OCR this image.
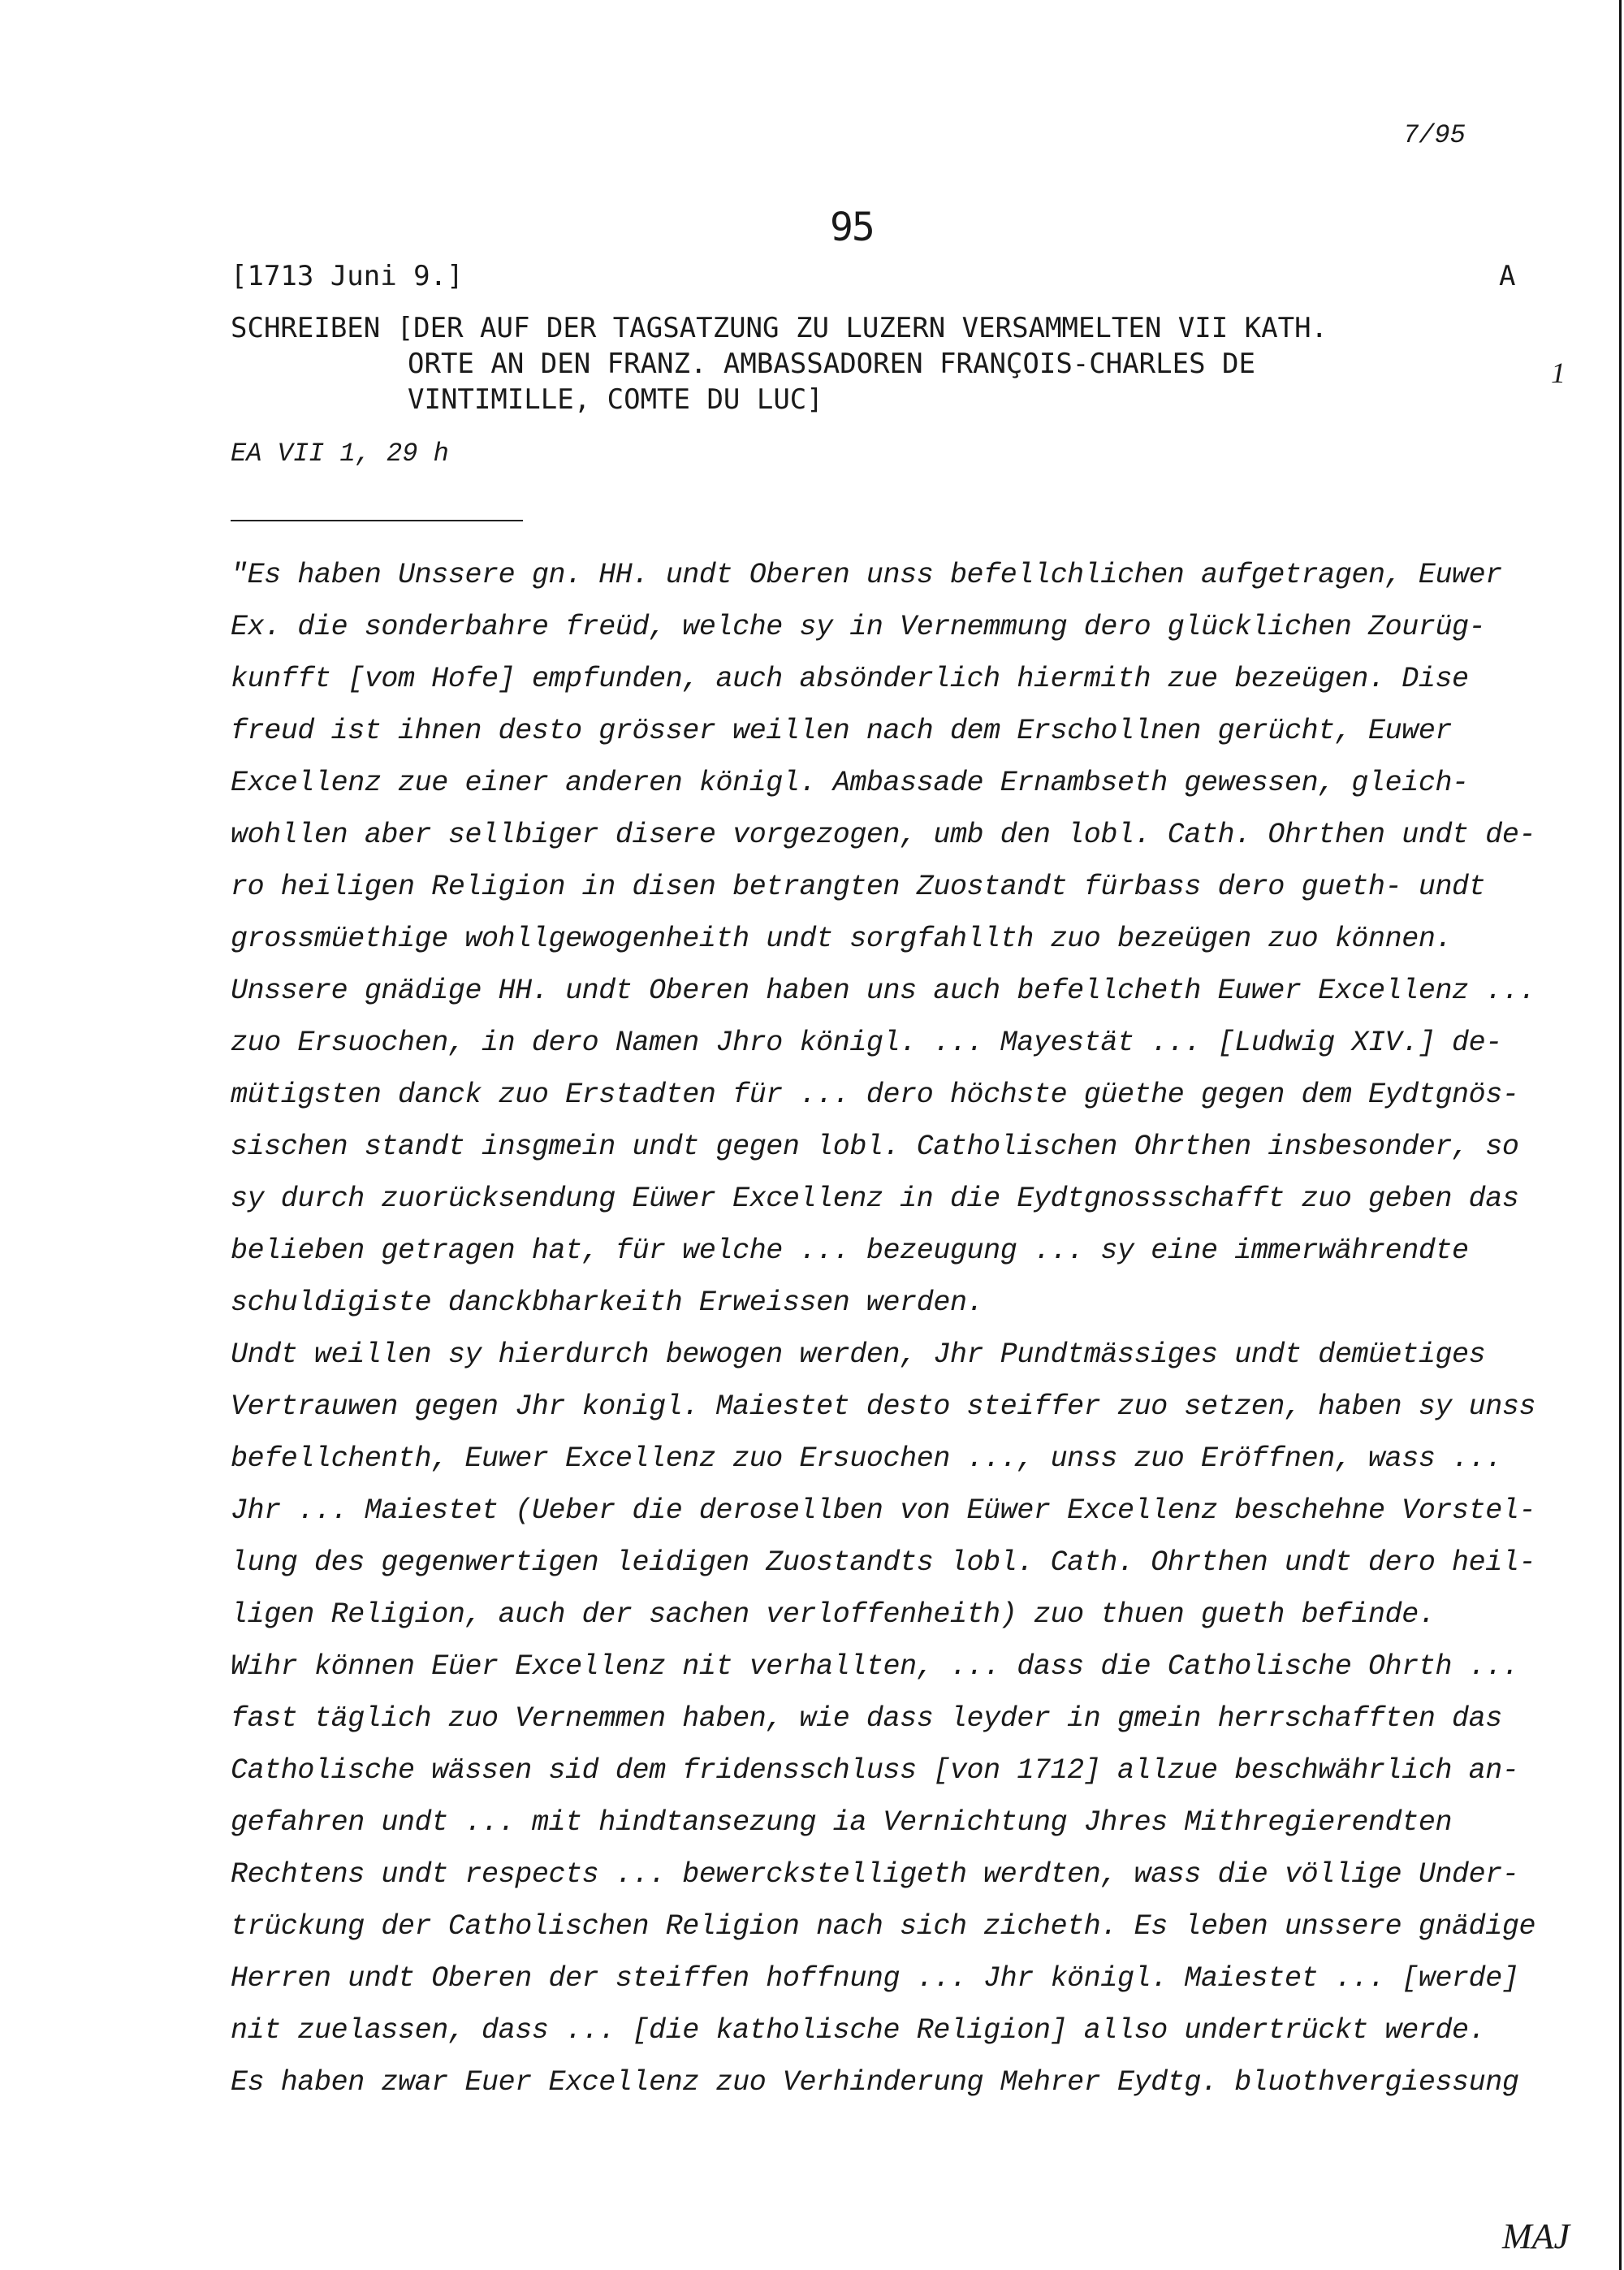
7/95
95
[1713 Juni 9.]	A
SCHREIBEN [DER AUF DER TAGSATZUNG ZU LUZERN VERSAMMELTEN VII KATH.
ORTE AN DEN FRANZ. AMBASSADOREN FRANÇOIS-CHARLES DE
VINTIMILLE, COMTE DU LUC]
1
EA VII 1, 29 h
"Es haben Unssere gn. HH. undt Oberen unss befellchlichen aufgetragen, Euwer
Ex. die sonderbahre freüd, welche sy in Vernemmung dero glücklichen Zourüg-
kunfft [vom Hofe] empfunden, auch absönderlich hiermith zue bezeügen. Dise
freud ist ihnen desto grösser weillen nach dem Erschollnen gerücht, Euwer
Excellenz zue einer anderen königl. Ambassade Ernambseth gewessen, gleich-
wohllen aber sellbiger disere vorgezogen, umb den lobl. Cath. Ohrthen undt de-
ro heiligen Religion in disen betrangten Zuostandt fürbass dero gueth- undt
grossmüethige wohllgewogenheith undt sorgfahllth zuo bezeügen zuo können.
Unssere gnädige HH. undt Oberen haben uns auch befellcheth Euwer Excellenz ...
zuo Ersuochen, in dero Namen Jhro königl. ... Mayestät ... [Ludwig XIV.] de-
mütigsten danck zuo Erstadten für ... dero höchste güethe gegen dem Eydtgnös-
sischen standt insgmein undt gegen lobl. Catholischen Ohrthen insbesonder, so
sy durch zuorücksendung Eüwer Excellenz in die Eydtgnossschafft zuo geben das
belieben getragen hat, für welche ... bezeugung ... sy eine immerwährendte
schuldigiste danckbharkeith Erweissen werden.
Undt weillen sy hierdurch bewogen werden, Jhr Pundtmässiges undt demüetiges
Vertrauwen gegen Jhr konigl. Maiestet desto steiffer zuo setzen, haben sy unss
befellchenth, Euwer Excellenz zuo Ersuochen ..., unss zuo Eröffnen, wass ...
Jhr ... Maiestet (Ueber die derosellben von Eüwer Excellenz beschehne Vorstel-
lung des gegenwertigen leidigen Zuostandts lobl. Cath. Ohrthen undt dero heil-
ligen Religion, auch der sachen verloffenheith) zuo thuen gueth befinde.
Wihr können Eüer Excellenz nit verhallten, ... dass die Catholische Ohrth ...
fast täglich zuo Vernemmen haben, wie dass leyder in gmein herrschafften das
Catholische wässen sid dem fridensschluss [von 1712] allzue beschwährlich an-
gefahren undt ... mit hindtansezung ia Vernichtung Jhres Mithregierendten
Rechtens undt respects ... bewerckstelligeth werdten, wass die völlige Under-
trückung der Catholischen Religion nach sich zicheth. Es leben unssere gnädige
Herren undt Oberen der steiffen hoffnung ... Jhr königl. Maiestet ... [werde]
nit zuelassen, dass ... [die katholische Religion] allso undertrückt werde.
Es haben zwar Euer Excellenz zuo Verhinderung Mehrer Eydtg. bluothvergiessung
MAJ
